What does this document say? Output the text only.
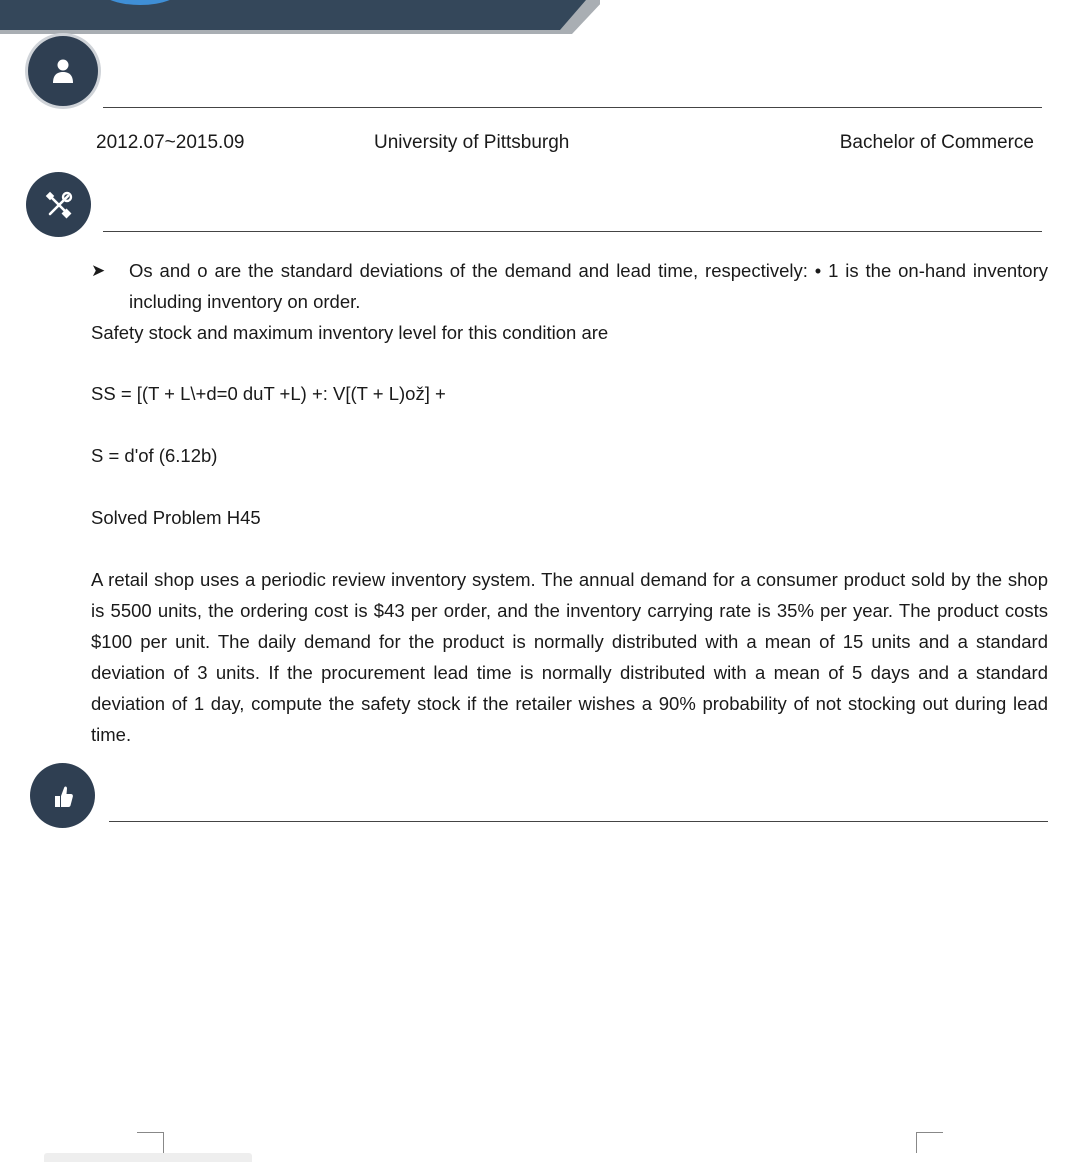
2012.07~2015.09	University of Pittsburgh	Bachelor of Commerce
➤	Os and o are the standard deviations of the demand and lead time, respectively: • 1 is the on-hand inventory including inventory on order.
Safety stock and maximum inventory level for this condition are
SS = [(T + L\+d=0 duT +L) +: V[(T + L)ož] +
S = d'of (6.12b)
Solved Problem H45
A retail shop uses a periodic review inventory system. The annual demand for a consumer product sold by the shop is 5500 units, the ordering cost is $43 per order, and the inventory carrying rate is 35% per year. The product costs $100 per unit. The daily demand for the product is normally distributed with a mean of 15 units and a standard deviation of 3 units. If the procurement lead time is normally distributed with a mean of 5 days and a standard deviation of 1 day, compute the safety stock if the retailer wishes a 90% probability of not stocking out during lead time.
